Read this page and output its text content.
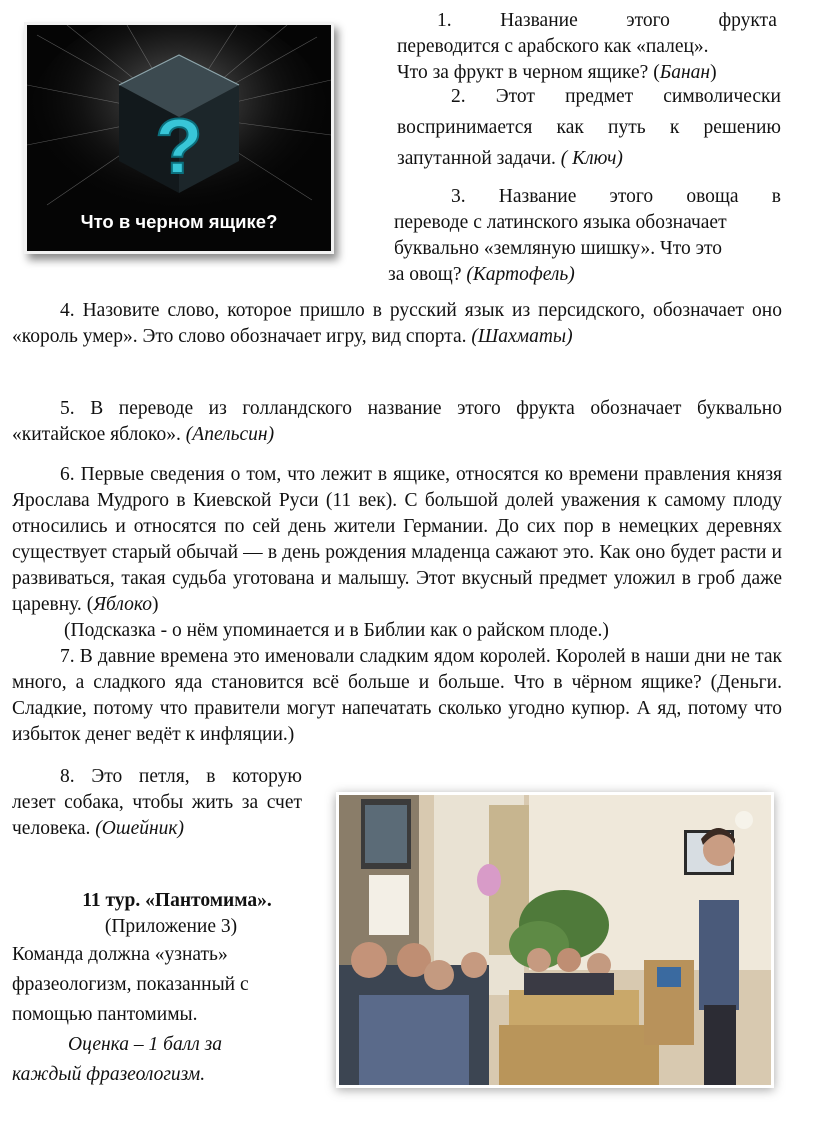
?
Что в черном ящике?
1. Название этого фрукта
переводится с арабского как «палец».
Что за фрукт в черном ящике? (Банан)
2. Этот предмет символически
воспринимается как путь к решению
запутанной задачи. ( Ключ)
3. Название этого овоща в
переводе с латинского языка обозначает
буквально «земляную шишку». Что это
за овощ? (Картофель)
4. Назовите слово, которое пришло в русский язык из персидского, обозначает оно «король умер». Это слово обозначает игру, вид спорта. (Шахматы)
5. В переводе из голландского название этого фрукта обозначает буквально «китайское яблоко». (Апельсин)
6. Первые сведения о том, что лежит в ящике, относятся ко времени правления князя Ярослава Мудрого в Киевской Руси (11 век). С большой долей уважения к самому плоду относились и относятся по сей день жители Германии. До сих пор в немецких деревнях существует старый обычай — в день рождения младенца сажают это. Как оно будет расти и развиваться, такая судьба уготована и малышу. Этот вкусный предмет уложил в гроб даже царевну. (Яблоко)
(Подсказка - о нём упоминается и в Библии как о райском плоде.)
7. В давние времена это именовали сладким ядом королей. Королей в наши дни не так много, а сладкого яда становится всё больше и больше. Что в чёрном ящике? (Деньги. Сладкие, потому что правители могут напечатать сколько угодно купюр. А яд, потому что избыток денег ведёт к инфляции.)
8. Это петля, в которую лезет собака, чтобы жить за счет человека. (Ошейник)
11 тур. «Пантомима».
(Приложение 3)
Команда должна «узнать» фразеологизм, показанный с помощью пантомимы.
Оценка – 1 балл за каждый фразеологизм.
